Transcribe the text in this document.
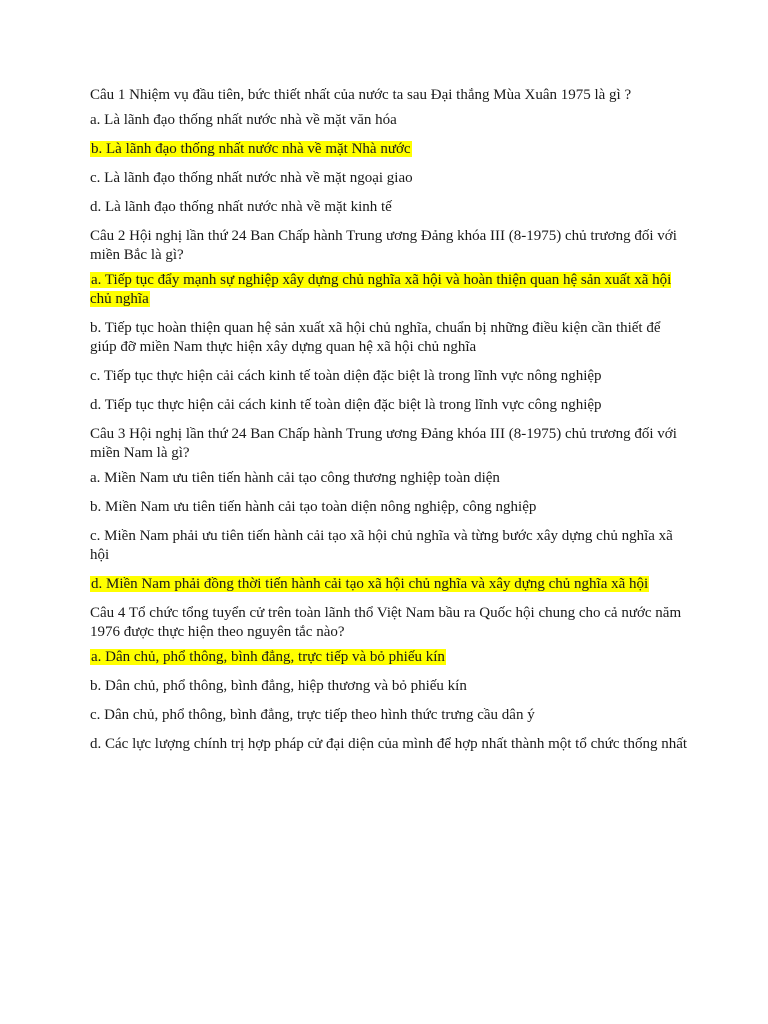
Câu 1 Nhiệm vụ đầu tiên, bức thiết nhất của nước ta sau Đại thắng Mùa Xuân 1975 là gì ?

a. Là lãnh đạo thống nhất nước nhà về mặt văn hóa

b. Là lãnh đạo thống nhất nước nhà về mặt Nhà nước

c. Là lãnh đạo thống nhất nước nhà về mặt ngoại giao

d. Là lãnh đạo thống nhất nước nhà về mặt kinh tế

Câu 2 Hội nghị lần thứ 24 Ban Chấp hành Trung ương Đảng khóa III (8-1975) chủ trương đối với miền Bắc là gì?

a. Tiếp tục đẩy mạnh sự nghiệp xây dựng chủ nghĩa xã hội và hoàn thiện quan hệ sản xuất xã hội chủ nghĩa

b. Tiếp tục hoàn thiện quan hệ sản xuất xã hội chủ nghĩa, chuẩn bị những điều kiện cần thiết để giúp đỡ miền Nam thực hiện xây dựng quan hệ xã hội chủ nghĩa

c. Tiếp tục thực hiện cải cách kinh tế toàn diện đặc biệt là trong lĩnh vực nông nghiệp

d. Tiếp tục thực hiện cải cách kinh tế toàn diện đặc biệt là trong lĩnh vực công nghiệp

Câu 3 Hội nghị lần thứ 24 Ban Chấp hành Trung ương Đảng khóa III (8-1975) chủ trương đối với miền Nam là gì?

a. Miền Nam ưu tiên tiến hành cải tạo công thương nghiệp toàn diện

b. Miền Nam ưu tiên tiến hành cải tạo toàn diện nông nghiệp, công nghiệp

c. Miền Nam phải ưu tiên tiến hành cải tạo xã hội chủ nghĩa và từng bước xây dựng chủ nghĩa xã hội

d. Miền Nam phải đồng thời tiến hành cải tạo xã hội chủ nghĩa và xây dựng chủ nghĩa xã hội

Câu 4 Tổ chức tổng tuyển cử trên toàn lãnh thổ Việt Nam bầu ra Quốc hội chung cho cả nước năm 1976 được thực hiện theo nguyên tắc nào?

a. Dân chủ, phổ thông, bình đẳng, trực tiếp và bỏ phiếu kín

b. Dân chủ, phổ thông, bình đẳng, hiệp thương và bỏ phiếu kín

c. Dân chủ, phổ thông, bình đẳng, trực tiếp theo hình thức trưng cầu dân ý

d. Các lực lượng chính trị hợp pháp cử đại diện của mình để hợp nhất thành một tổ chức thống nhất
